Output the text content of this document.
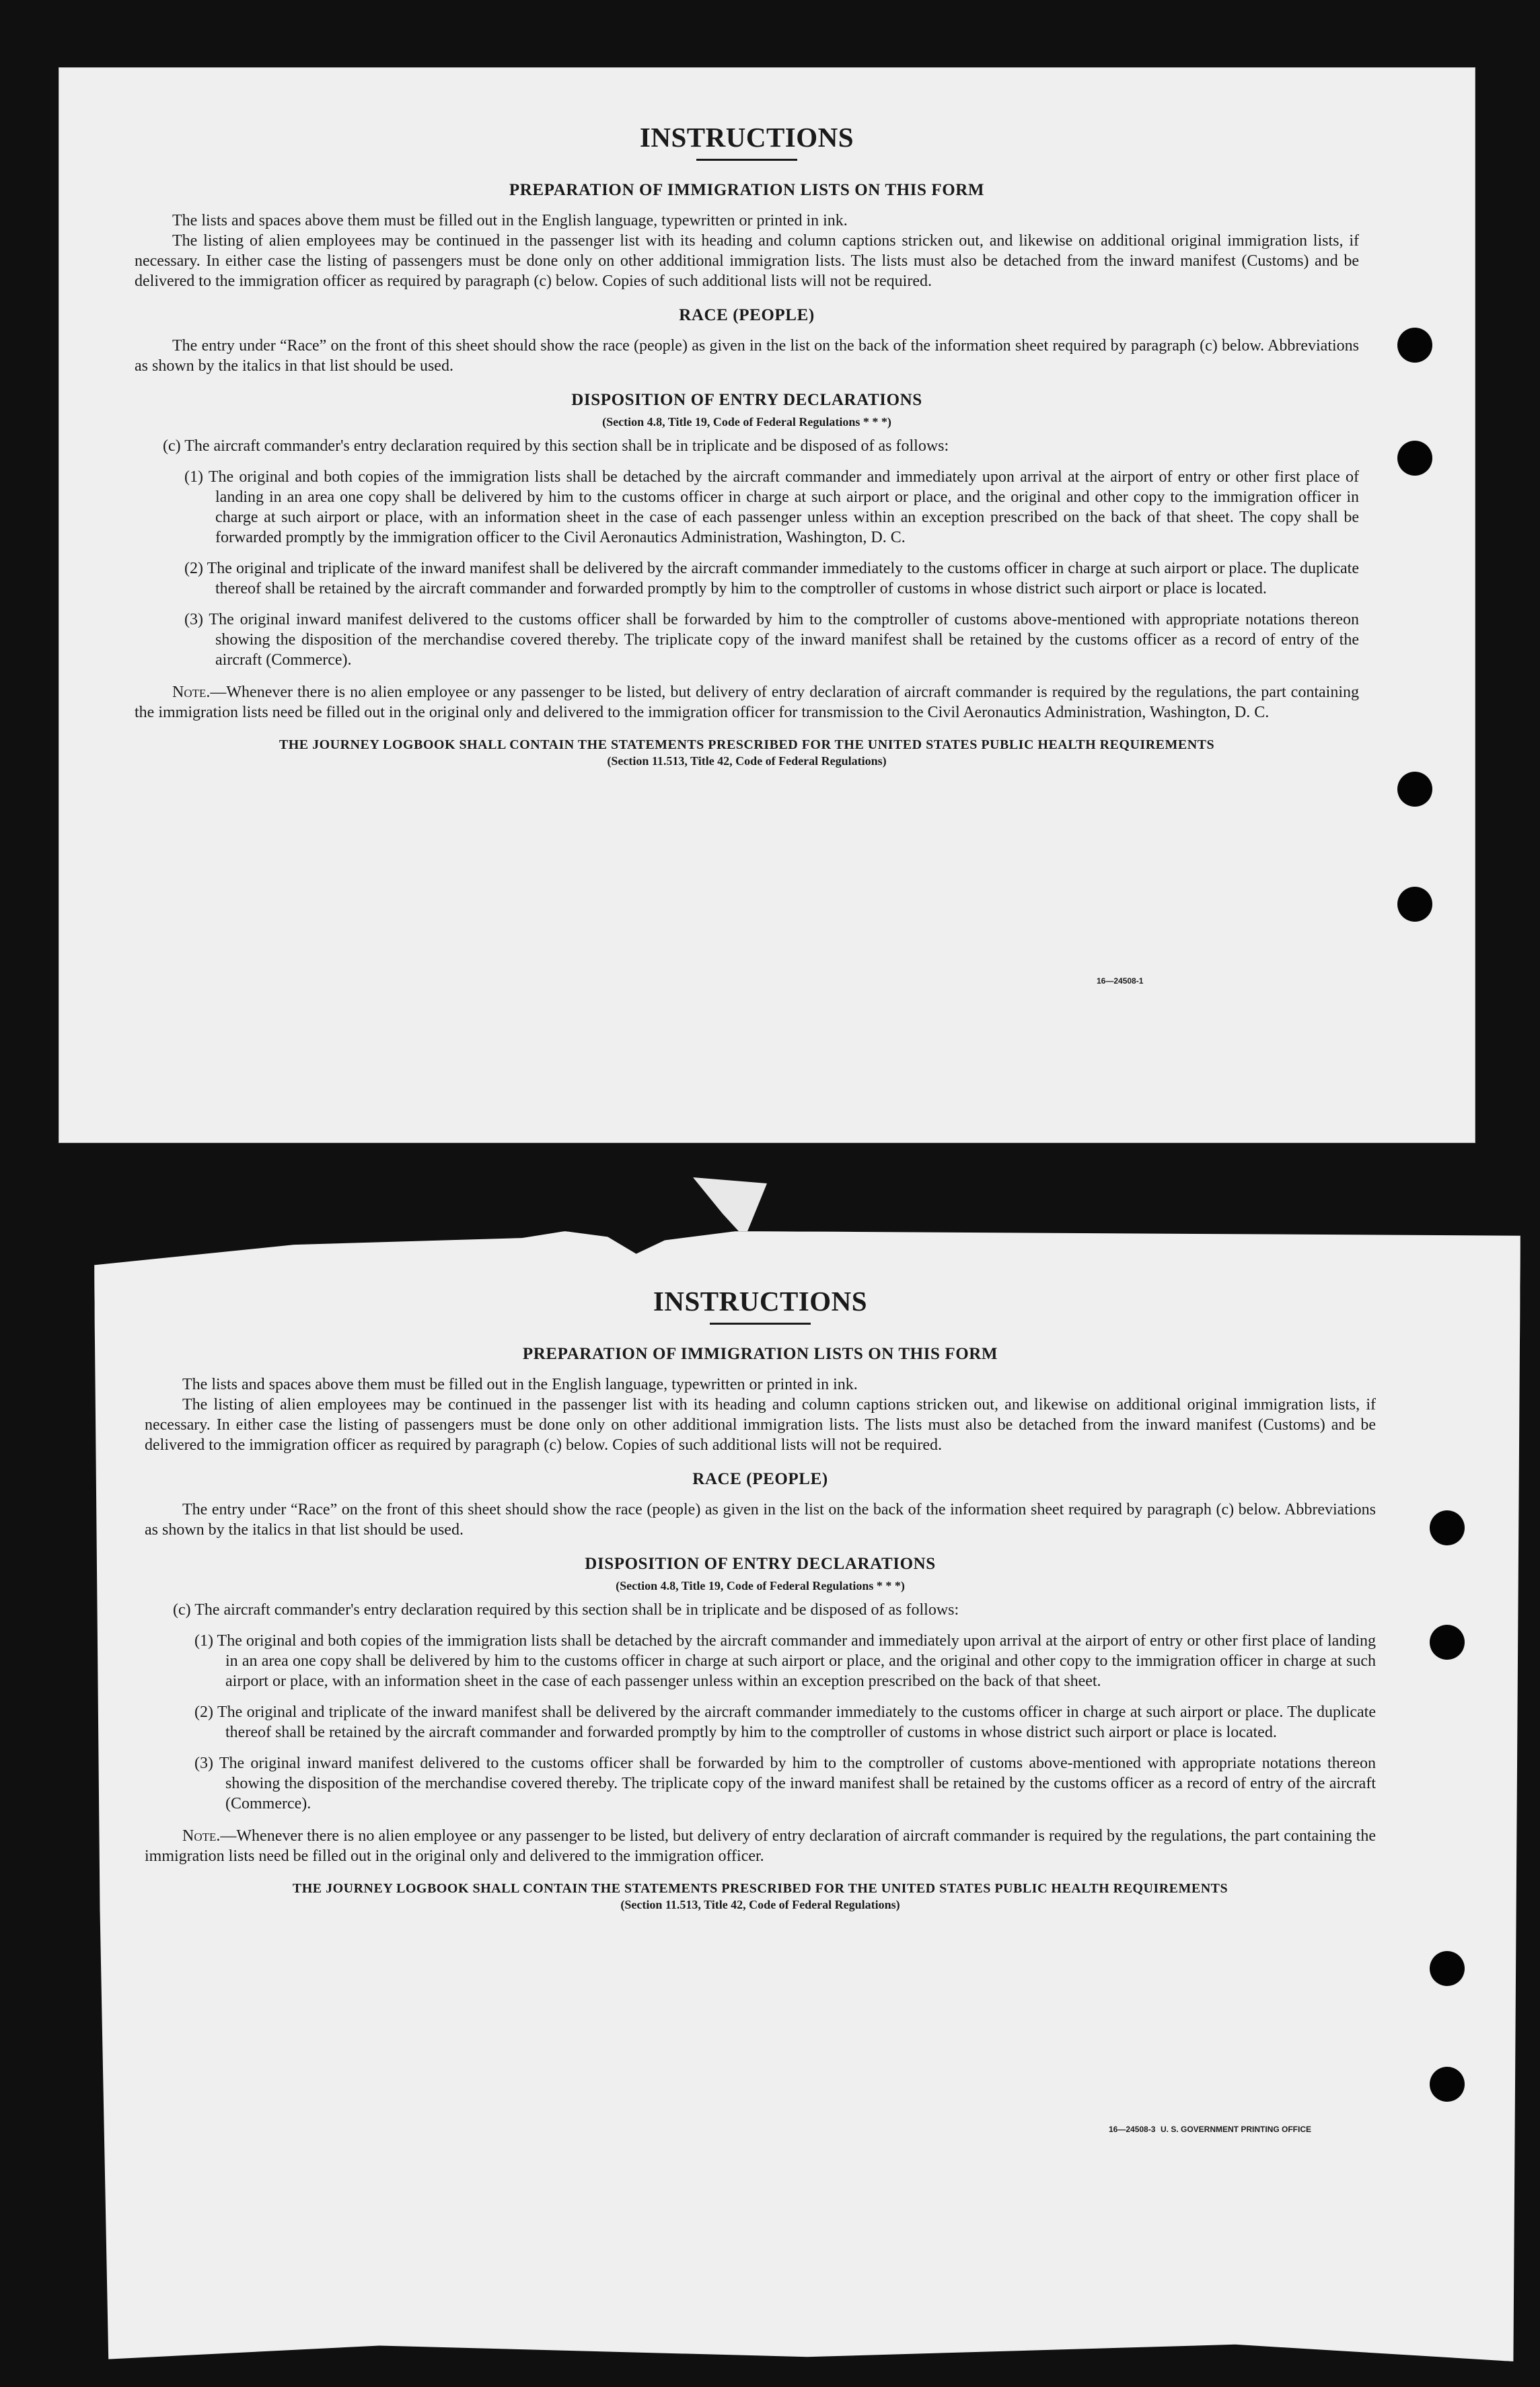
INSTRUCTIONS
PREPARATION OF IMMIGRATION LISTS ON THIS FORM

The lists and spaces above them must be filled out in the English language, typewritten or printed in ink.

The listing of alien employees may be continued in the passenger list with its heading and column captions stricken out, and likewise on additional original immigration lists, if necessary. In either case the listing of passengers must be done only on other additional immigration lists. The lists must also be detached from the inward manifest (Customs) and be delivered to the immigration officer as required by paragraph (c) below. Copies of such additional lists will not be required.

RACE (PEOPLE)

The entry under “Race” on the front of this sheet should show the race (people) as given in the list on the back of the information sheet required by paragraph (c) below. Abbreviations as shown by the italics in that list should be used.

DISPOSITION OF ENTRY DECLARATIONS
(Section 4.8, Title 19, Code of Federal Regulations * * *)

(c) The aircraft commander's entry declaration required by this section shall be in triplicate and be disposed of as follows:

(1) The original and both copies of the immigration lists shall be detached by the aircraft commander and immediately upon arrival at the airport of entry or other first place of landing in an area one copy shall be delivered by him to the customs officer in charge at such airport or place, and the original and other copy to the immigration officer in charge at such airport or place, with an information sheet in the case of each passenger unless within an exception prescribed on the back of that sheet. The copy shall be forwarded promptly by the immigration officer to the Civil Aeronautics Administration, Washington, D. C.

(2) The original and triplicate of the inward manifest shall be delivered by the aircraft commander immediately to the customs officer in charge at such airport or place. The duplicate thereof shall be retained by the aircraft commander and forwarded promptly by him to the comptroller of customs in whose district such airport or place is located.

(3) The original inward manifest delivered to the customs officer shall be forwarded by him to the comptroller of customs above-mentioned with appropriate notations thereon showing the disposition of the merchandise covered thereby. The triplicate copy of the inward manifest shall be retained by the customs officer as a record of entry of the aircraft (Commerce).

Note.—Whenever there is no alien employee or any passenger to be listed, but delivery of entry declaration of aircraft commander is required by the regulations, the part containing the immigration lists need be filled out in the original only and delivered to the immigration officer for transmission to the Civil Aeronautics Administration, Washington, D. C.

THE JOURNEY LOGBOOK SHALL CONTAIN THE STATEMENTS PRESCRIBED FOR THE UNITED STATES PUBLIC HEALTH REQUIREMENTS
(Section 11.513, Title 42, Code of Federal Regulations)
16—24508-1
INSTRUCTIONS
PREPARATION OF IMMIGRATION LISTS ON THIS FORM

The lists and spaces above them must be filled out in the English language, typewritten or printed in ink.

The listing of alien employees may be continued in the passenger list with its heading and column captions stricken out, and likewise on additional original immigration lists, if necessary. In either case the listing of passengers must be done only on other additional immigration lists. The lists must also be detached from the inward manifest (Customs) and be delivered to the immigration officer as required by paragraph (c) below. Copies of such additional lists will not be required.

RACE (PEOPLE)

The entry under “Race” on the front of this sheet should show the race (people) as given in the list on the back of the information sheet required by paragraph (c) below. Abbreviations as shown by the italics in that list should be used.

DISPOSITION OF ENTRY DECLARATIONS
(Section 4.8, Title 19, Code of Federal Regulations * * *)

(c) The aircraft commander's entry declaration required by this section shall be in triplicate and be disposed of as follows:

(1) The original and both copies of the immigration lists shall be detached by the aircraft commander and immediately upon arrival at the airport of entry or other first place of landing in an area one copy shall be delivered by him to the customs officer in charge at such airport or place, and the original and other copy to the immigration officer in charge at such airport or place, with an information sheet in the case of each passenger unless within an exception prescribed on the back of that sheet.

(2) The original and triplicate of the inward manifest shall be delivered by the aircraft commander immediately to the customs officer in charge at such airport or place. The duplicate thereof shall be retained by the aircraft commander and forwarded promptly by him to the comptroller of customs in whose district such airport or place is located.

(3) The original inward manifest delivered to the customs officer shall be forwarded by him to the comptroller of customs above-mentioned with appropriate notations thereon showing the disposition of the merchandise covered thereby. The triplicate copy of the inward manifest shall be retained by the customs officer as a record of entry of the aircraft (Commerce).

Note.—Whenever there is no alien employee or any passenger to be listed, but delivery of entry declaration of aircraft commander is required by the regulations, the part containing the immigration lists need be filled out in the original only and delivered to the immigration officer.

THE JOURNEY LOGBOOK SHALL CONTAIN THE STATEMENTS PRESCRIBED FOR THE UNITED STATES PUBLIC HEALTH REQUIREMENTS
(Section 11.513, Title 42, Code of Federal Regulations)
16—24508-3 U. S. GOVERNMENT PRINTING OFFICE
